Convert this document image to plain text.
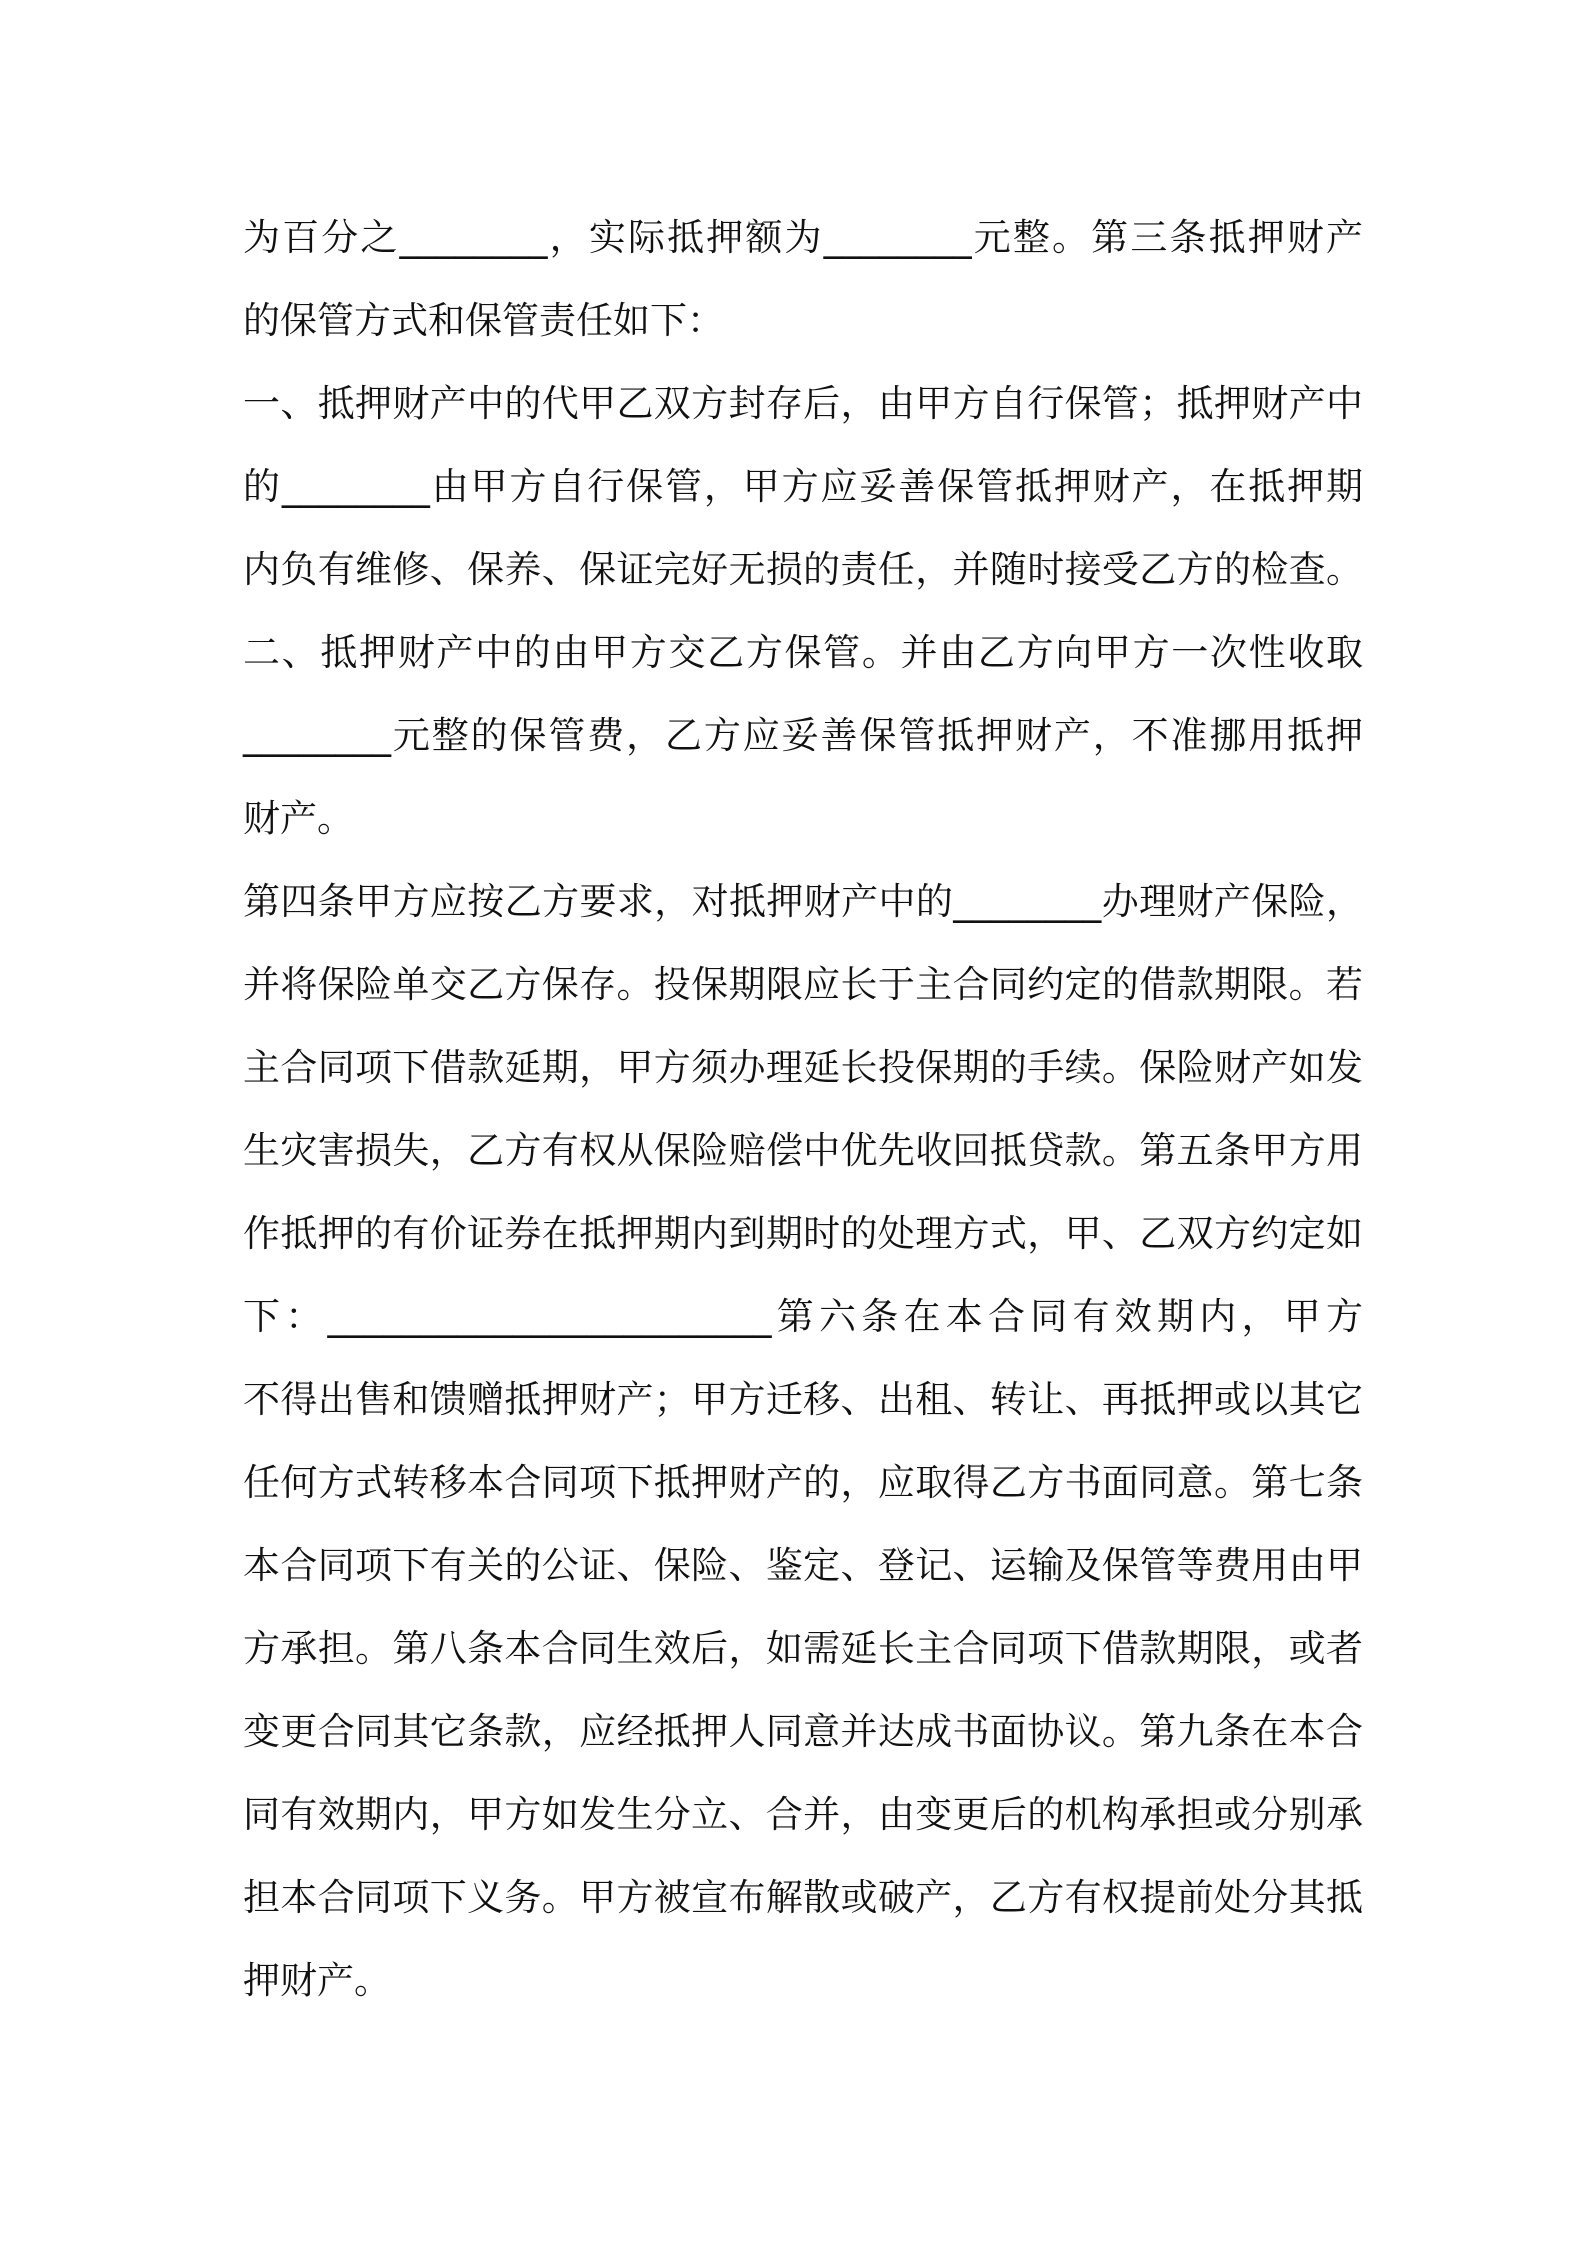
为百分之________，实际抵押额为________元整。第三条抵押财产
的保管方式和保管责任如下：
一、抵押财产中的代甲乙双方封存后，由甲方自行保管；抵押财产中
的________由甲方自行保管，甲方应妥善保管抵押财产，在抵押期
内负有维修、保养、保证完好无损的责任，并随时接受乙方的检查。
二、抵押财产中的由甲方交乙方保管。并由乙方向甲方一次性收取
________元整的保管费，乙方应妥善保管抵押财产，不准挪用抵押
财产。
第四条甲方应按乙方要求，对抵押财产中的________办理财产保险，
并将保险单交乙方保存。投保期限应长于主合同约定的借款期限。若
主合同项下借款延期，甲方须办理延长投保期的手续。保险财产如发
生灾害损失，乙方有权从保险赔偿中优先收回抵贷款。第五条甲方用
作抵押的有价证券在抵押期内到期时的处理方式，甲、乙双方约定如
下：________________________第六条在本合同有效期内，甲方
不得出售和馈赠抵押财产；甲方迁移、出租、转让、再抵押或以其它
任何方式转移本合同项下抵押财产的，应取得乙方书面同意。第七条
本合同项下有关的公证、保险、鉴定、登记、运输及保管等费用由甲
方承担。第八条本合同生效后，如需延长主合同项下借款期限，或者
变更合同其它条款，应经抵押人同意并达成书面协议。第九条在本合
同有效期内，甲方如发生分立、合并，由变更后的机构承担或分别承
担本合同项下义务。甲方被宣布解散或破产，乙方有权提前处分其抵
押财产。
